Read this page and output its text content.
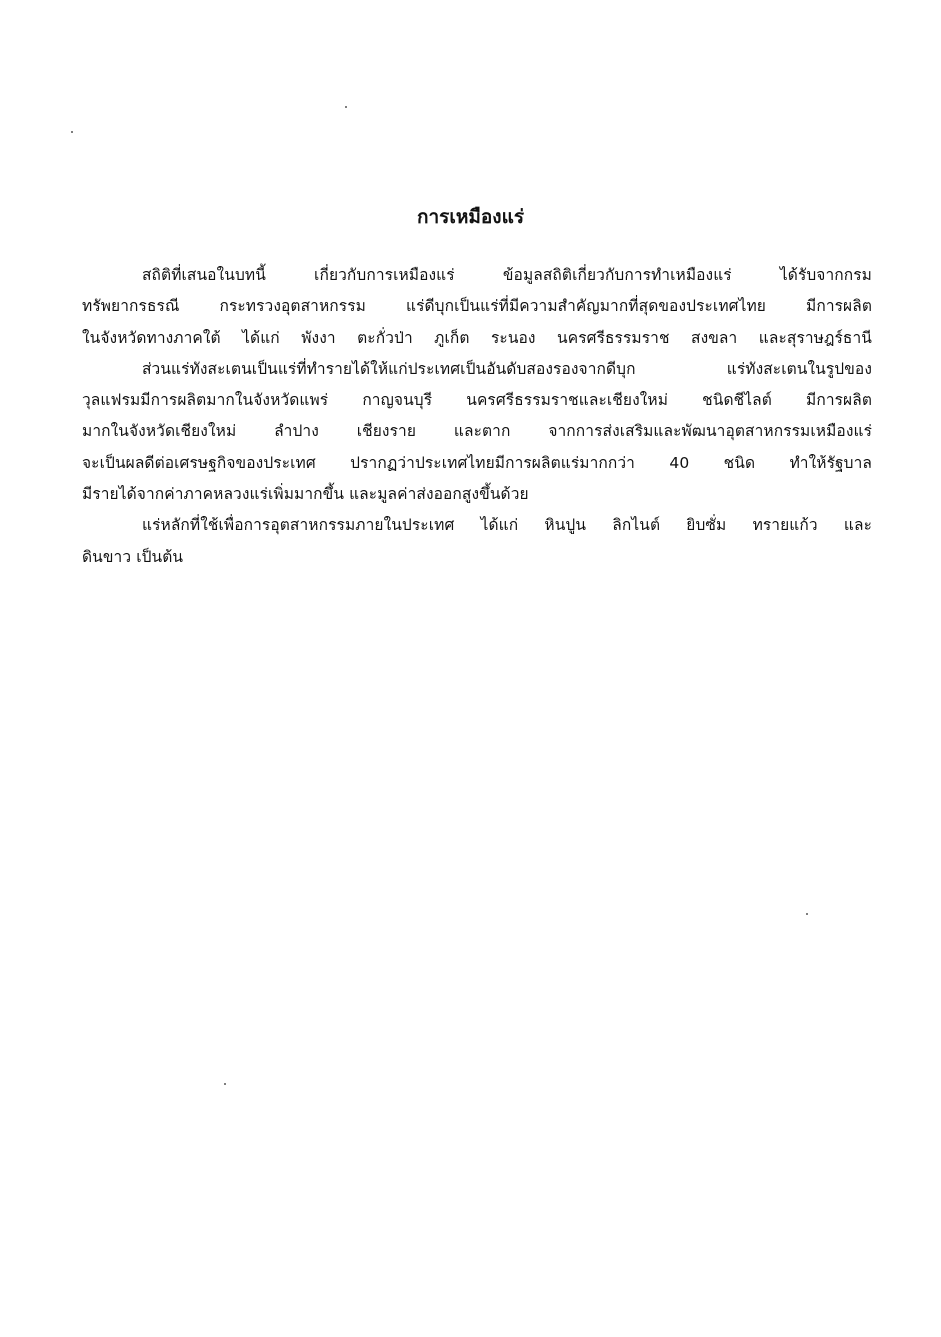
การเหมืองแร่
สถิติที่เสนอในบทนี้ เกี่ยวกับการเหมืองแร่ ข้อมูลสถิติเกี่ยวกับการทำเหมืองแร่ ได้รับจากกรม
ทรัพยากรธรณี กระทรวงอุตสาหกรรม แร่ดีบุกเป็นแร่ที่มีความสำคัญมากที่สุดของประเทศไทย มีการผลิต
ในจังหวัดทางภาคใต้ ได้แก่ พังงา ตะกั่วป่า ภูเก็ต ระนอง นครศรีธรรมราช สงขลา และสุราษฎร์ธานี
ส่วนแร่ทังสะเตนเป็นแร่ที่ทำรายได้ให้แก่ประเทศเป็นอันดับสองรองจากดีบุก แร่ทังสะเตนในรูปของ
วุลแฟรมมีการผลิตมากในจังหวัดแพร่ กาญจนบุรี นครศรีธรรมราชและเชียงใหม่ ชนิดชีไลต์ มีการผลิต
มากในจังหวัดเชียงใหม่ ลำปาง เชียงราย และตาก จากการส่งเสริมและพัฒนาอุตสาหกรรมเหมืองแร่
จะเป็นผลดีต่อเศรษฐกิจของประเทศ ปรากฏว่าประเทศไทยมีการผลิตแร่มากกว่า 40 ชนิด ทำให้รัฐบาล
มีรายได้จากค่าภาคหลวงแร่เพิ่มมากขึ้น และมูลค่าส่งออกสูงขึ้นด้วย
แร่หลักที่ใช้เพื่อการอุตสาหกรรมภายในประเทศ ได้แก่ หินปูน ลิกไนต์ ยิบซั่ม ทรายแก้ว และ
ดินขาว เป็นต้น
